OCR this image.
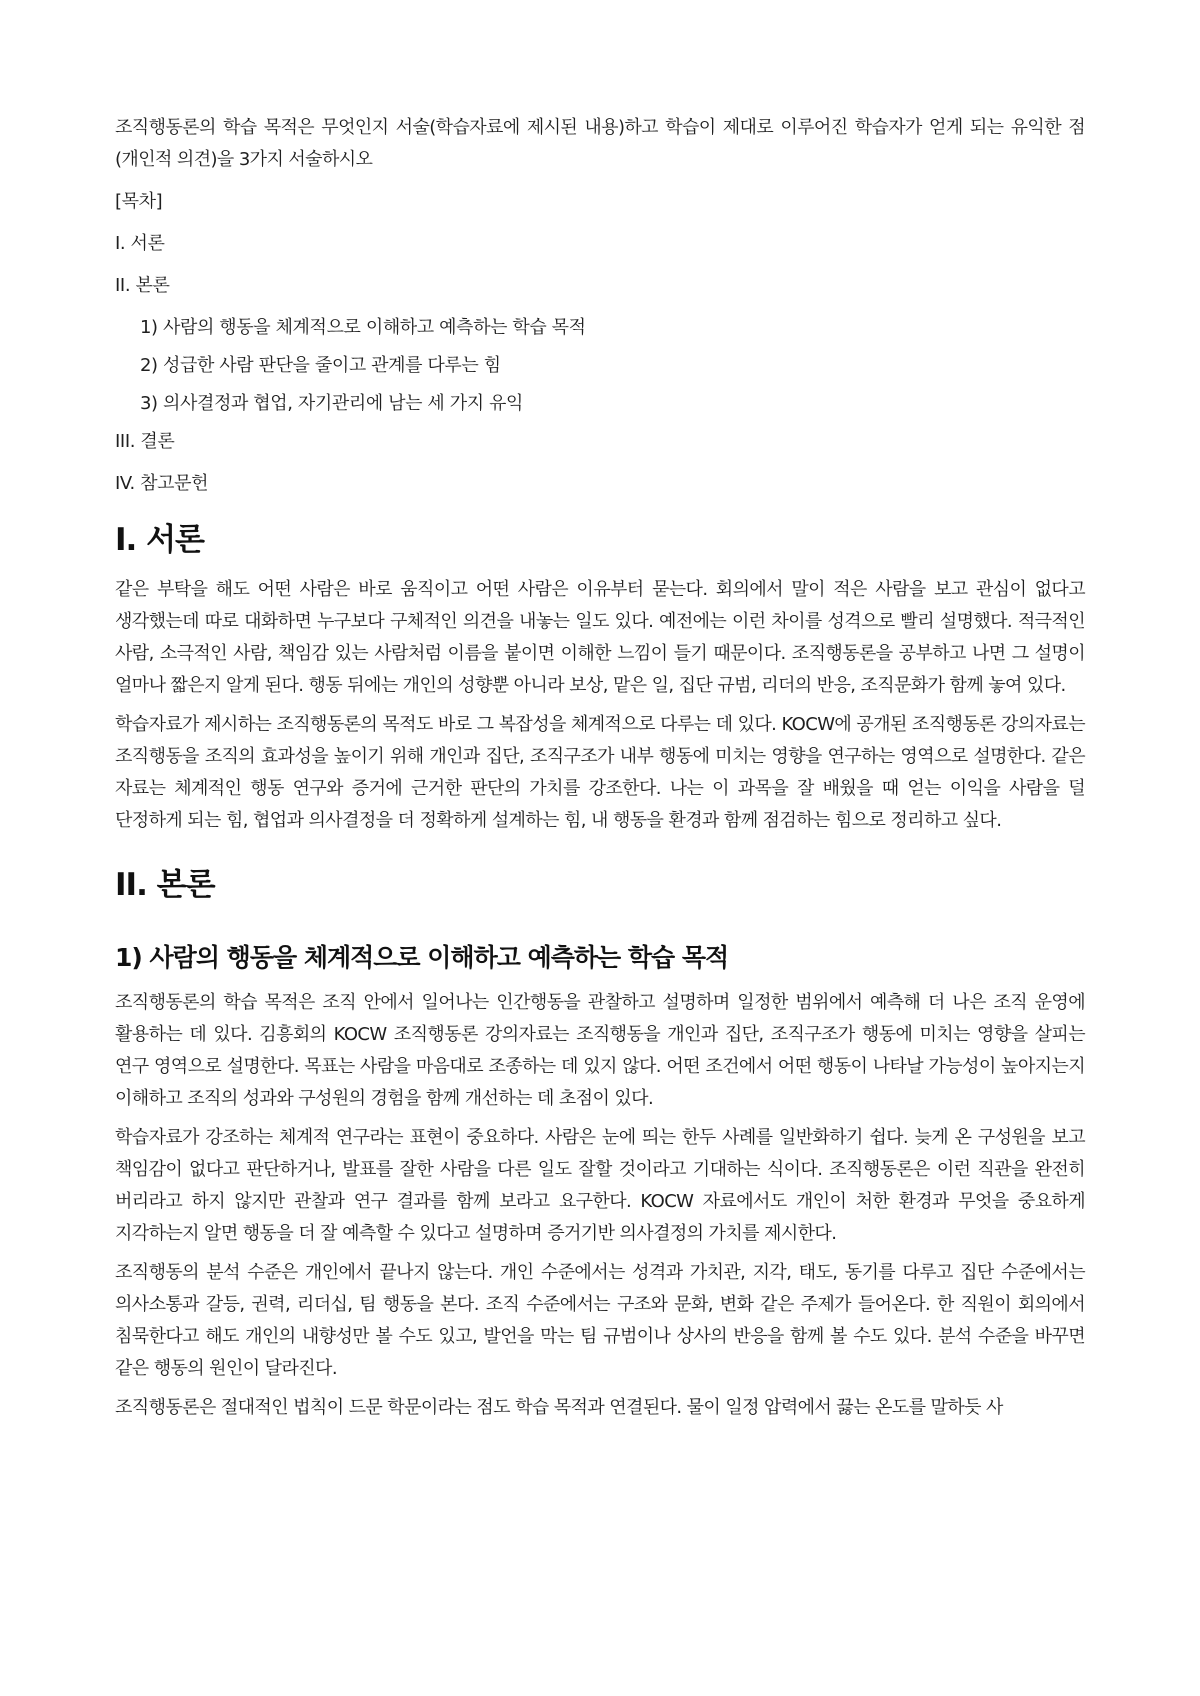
조직행동론의 학습 목적은 무엇인지 서술(학습자료에 제시된 내용)하고 학습이 제대로 이루어진 학습자가 얻게 되는 유익한 점(개인적 의견)을 3가지 서술하시오

[목차]
I. 서론
II. 본론
1) 사람의 행동을 체계적으로 이해하고 예측하는 학습 목적
2) 성급한 사람 판단을 줄이고 관계를 다루는 힘
3) 의사결정과 협업, 자기관리에 남는 세 가지 유익
III. 결론
IV. 참고문헌
I. 서론

같은 부탁을 해도 어떤 사람은 바로 움직이고 어떤 사람은 이유부터 묻는다. 회의에서 말이 적은 사람을 보고 관심이 없다고 생각했는데 따로 대화하면 누구보다 구체적인 의견을 내놓는 일도 있다. 예전에는 이런 차이를 성격으로 빨리 설명했다. 적극적인 사람, 소극적인 사람, 책임감 있는 사람처럼 이름을 붙이면 이해한 느낌이 들기 때문이다. 조직행동론을 공부하고 나면 그 설명이 얼마나 짧은지 알게 된다. 행동 뒤에는 개인의 성향뿐 아니라 보상, 맡은 일, 집단 규범, 리더의 반응, 조직문화가 함께 놓여 있다.

학습자료가 제시하는 조직행동론의 목적도 바로 그 복잡성을 체계적으로 다루는 데 있다. KOCW에 공개된 조직행동론 강의자료는 조직행동을 조직의 효과성을 높이기 위해 개인과 집단, 조직구조가 내부 행동에 미치는 영향을 연구하는 영역으로 설명한다. 같은 자료는 체계적인 행동 연구와 증거에 근거한 판단의 가치를 강조한다. 나는 이 과목을 잘 배웠을 때 얻는 이익을 사람을 덜 단정하게 되는 힘, 협업과 의사결정을 더 정확하게 설계하는 힘, 내 행동을 환경과 함께 점검하는 힘으로 정리하고 싶다.

II. 본론
1) 사람의 행동을 체계적으로 이해하고 예측하는 학습 목적

조직행동론의 학습 목적은 조직 안에서 일어나는 인간행동을 관찰하고 설명하며 일정한 범위에서 예측해 더 나은 조직 운영에 활용하는 데 있다. 김흥회의 KOCW 조직행동론 강의자료는 조직행동을 개인과 집단, 조직구조가 행동에 미치는 영향을 살피는 연구 영역으로 설명한다. 목표는 사람을 마음대로 조종하는 데 있지 않다. 어떤 조건에서 어떤 행동이 나타날 가능성이 높아지는지 이해하고 조직의 성과와 구성원의 경험을 함께 개선하는 데 초점이 있다.

학습자료가 강조하는 체계적 연구라는 표현이 중요하다. 사람은 눈에 띄는 한두 사례를 일반화하기 쉽다. 늦게 온 구성원을 보고 책임감이 없다고 판단하거나, 발표를 잘한 사람을 다른 일도 잘할 것이라고 기대하는 식이다. 조직행동론은 이런 직관을 완전히 버리라고 하지 않지만 관찰과 연구 결과를 함께 보라고 요구한다. KOCW 자료에서도 개인이 처한 환경과 무엇을 중요하게 지각하는지 알면 행동을 더 잘 예측할 수 있다고 설명하며 증거기반 의사결정의 가치를 제시한다.

조직행동의 분석 수준은 개인에서 끝나지 않는다. 개인 수준에서는 성격과 가치관, 지각, 태도, 동기를 다루고 집단 수준에서는 의사소통과 갈등, 권력, 리더십, 팀 행동을 본다. 조직 수준에서는 구조와 문화, 변화 같은 주제가 들어온다. 한 직원이 회의에서 침묵한다고 해도 개인의 내향성만 볼 수도 있고, 발언을 막는 팀 규범이나 상사의 반응을 함께 볼 수도 있다. 분석 수준을 바꾸면 같은 행동의 원인이 달라진다.

조직행동론은 절대적인 법칙이 드문 학문이라는 점도 학습 목적과 연결된다. 물이 일정 압력에서 끓는 온도를 말하듯 사
